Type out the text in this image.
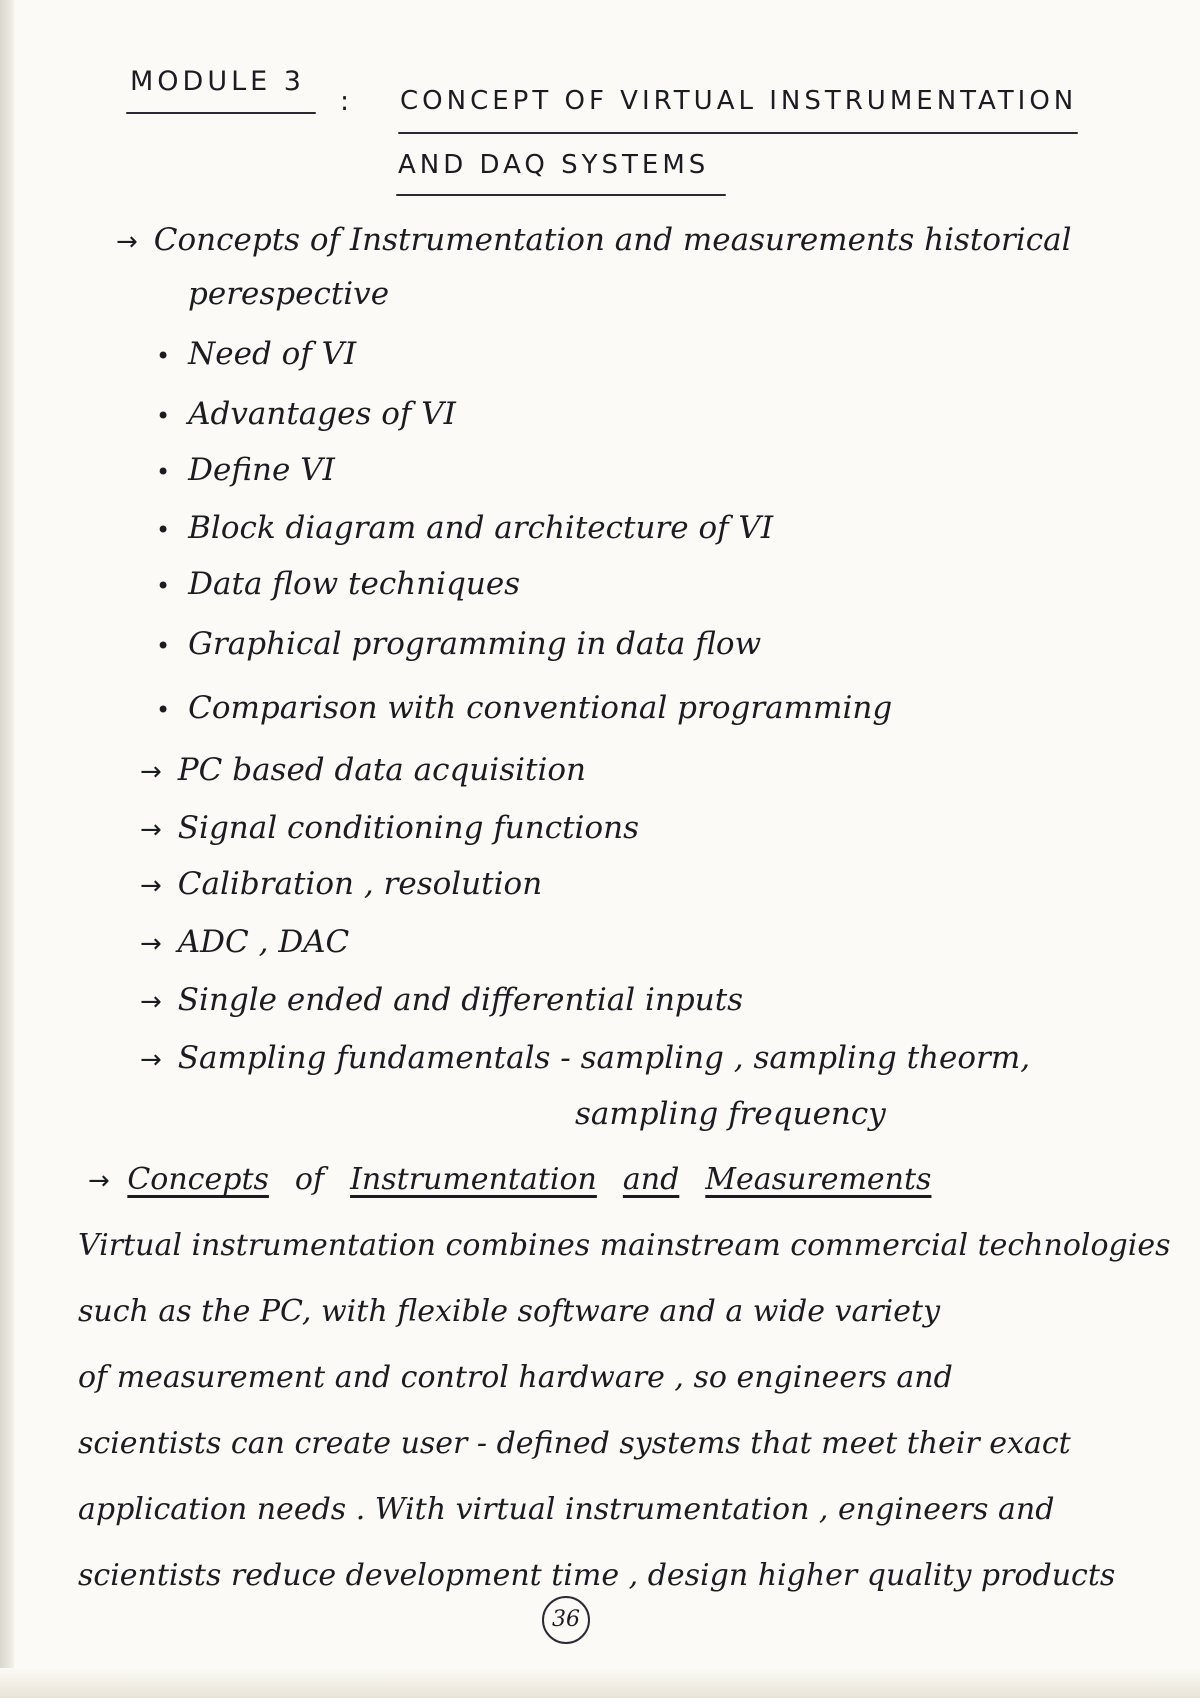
MODULE 3
: CONCEPT OF VIRTUAL INSTRUMENTATION
AND DAQ SYSTEMS
→ Concepts of Instrumentation and measurements historical
perespective
• Need of VI
• Advantages of VI
• Define VI
• Block diagram and architecture of VI
• Data flow techniques
• Graphical programming in data flow
• Comparison with conventional programming
→ PC based data acquisition
→ Signal conditioning functions
→ Calibration , resolution
→ ADC , DAC
→ Single ended and differential inputs
→ Sampling fundamentals - sampling , sampling theorm,
sampling frequency
→ Concepts of Instrumentation and Measurements
Virtual instrumentation combines mainstream commercial technologies
such as the PC, with flexible software and a wide variety
of measurement and control hardware , so engineers and
scientists can create user - defined systems that meet their exact
application needs . With virtual instrumentation , engineers and
scientists reduce development time , design higher quality products
36
